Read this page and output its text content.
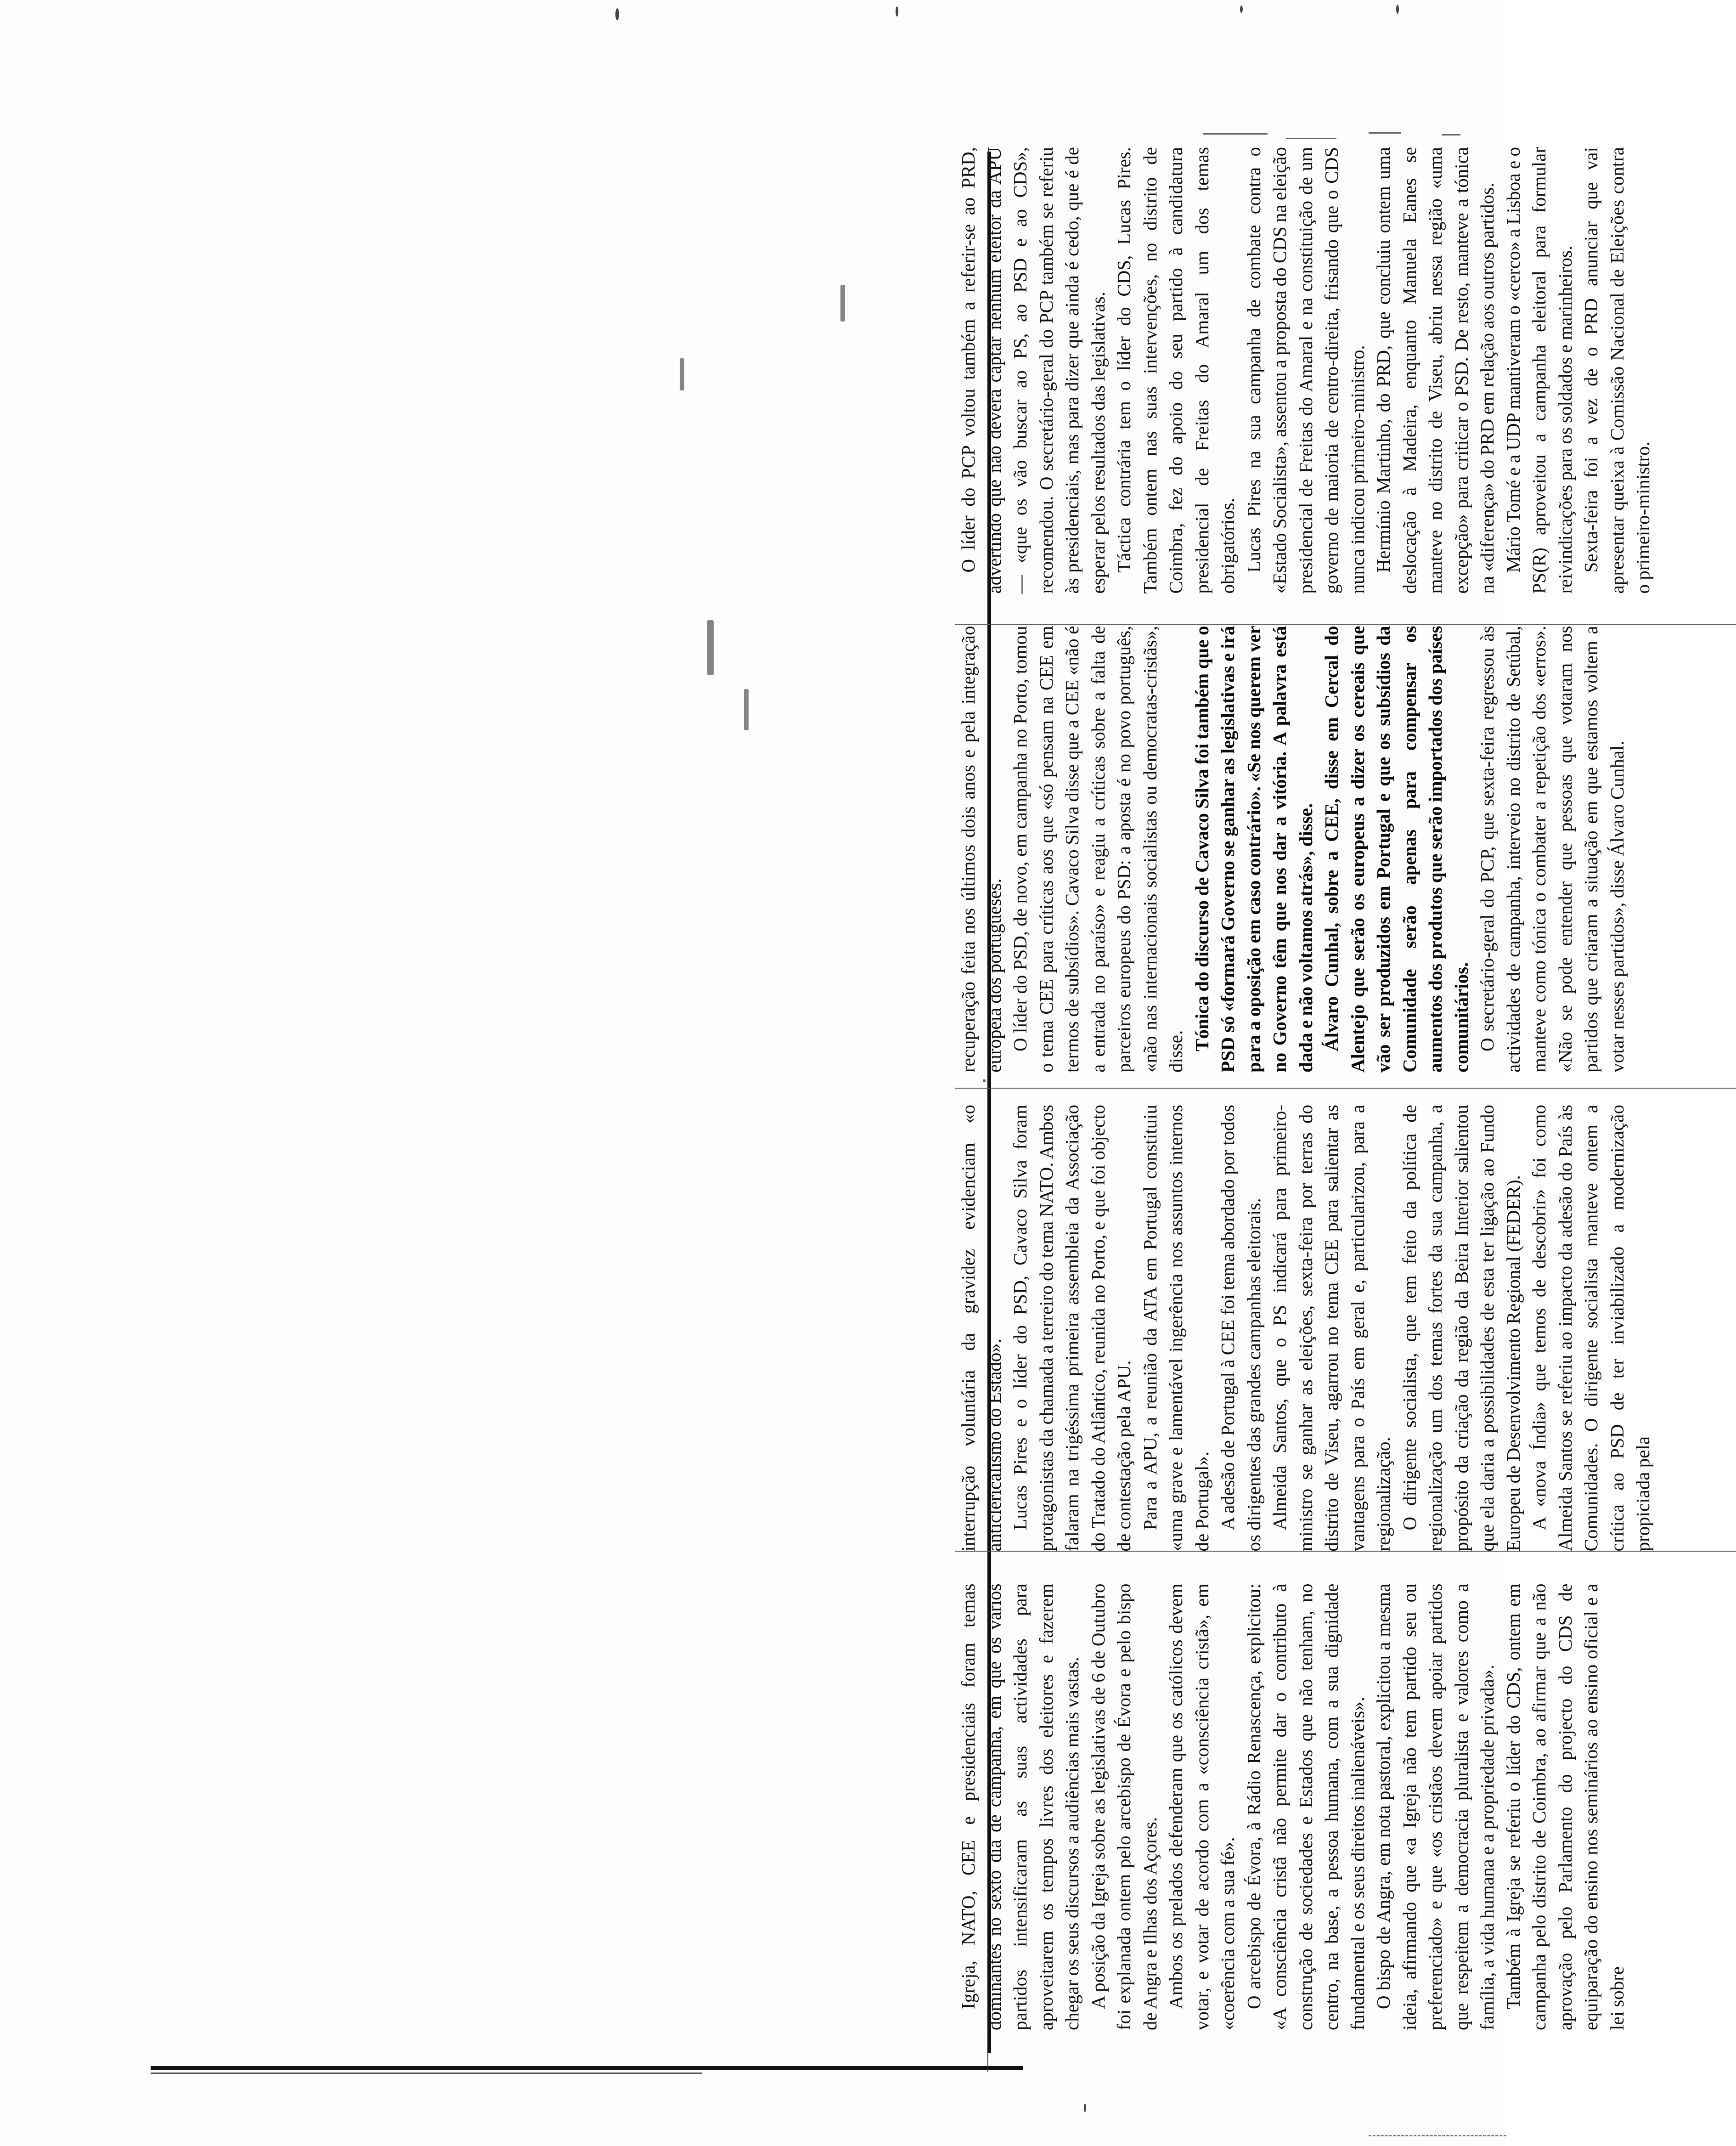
Igreja, NATO, CEE e presidenciais foram temas dominantes no sexto dia de campanha, em que os vários partidos intensificaram as suas actividades para aproveitarem os tempos livres dos eleitores e fazerem chegar os seus discursos a audiências mais vastas. A posição da Igreja sobre as legislativas de 6 de Outubro foi explanada ontem pelo arcebispo de Évora e pelo bispo de Angra e Ilhas dos Açores. Ambos os prelados defenderam que os católicos devem votar, e votar de acordo com a «consciência cristã», em «coerência com a sua fé». O arcebispo de Évora, à Rádio Renascença, explicitou: «A consciência cristã não permite dar o contributo à construção de sociedades e Estados que não tenham, no centro, na base, a pessoa humana, com a sua dignidade fundamental e os seus direitos inalienáveis». O bispo de Angra, em nota pastoral, explicitou a mesma ideia, afirmando que «a Igreja não tem partido seu ou preferenciado» e que «os cristãos devem apoiar partidos que respeitem a democracia pluralista e valores como a família, a vida humana e a propriedade privada». Também à Igreja se referiu o líder do CDS, ontem em campanha pelo distrito de Coimbra, ao afirmar que a não aprovação pelo Parlamento do projecto do CDS de equiparação do ensino nos seminários ao ensino oficial e a lei sobre

interrupção voluntária da gravidez evidenciam «o anticlericalismo do Estado». Lucas Pires e o líder do PSD, Cavaco Silva foram protagonistas da chamada a terreiro do tema NATO. Ambos falaram na trigéssima primeira assembleia da Associação do Tratado do Atlântico, reunida no Porto, e que foi objecto de contestação pela APU. Para a APU, a reunião da ATA em Portugal constituiu «uma grave e lamentável ingerência nos assuntos internos de Portugal». A adesão de Portugal à CEE foi tema abordado por todos os dirigentes das grandes campanhas eleitorais. Almeida Santos, que o PS indicará para primeiro-ministro se ganhar as eleições, sexta-feira por terras do distrito de Viseu, agarrou no tema CEE para salientar as vantagens para o País em geral e, particularizou, para a regionalização. O dirigente socialista, que tem feito da política de regionalização um dos temas fortes da sua campanha, a propósito da criação da região da Beira Interior salientou que ela daria a possibilidades de esta ter ligação ao Fundo Europeu de Desenvolvimento Regional (FEDER). A «nova Índia» que temos de descobrir» foi como Almeida Santos se referiu ao impacto da adesão do País às Comunidades. O dirigente socialista manteve ontem a crítica ao PSD de ter inviabilizado a modernização propiciada pela

recuperação feita nos últimos dois anos e pela integração europeia dos portugueses. O líder do PSD, de novo, em campanha no Porto, tomou o tema CEE para críticas aos que «só pensam na CEE em termos de subsídios». Cavaco Silva disse que a CEE «não é a entrada no paraíso» e reagiu a críticas sobre a falta de parceiros europeus do PSD: a aposta é no povo português, «não nas internacionais socialistas ou democratas-cristãs», disse. Tónica do discurso de Cavaco Silva foi também que o PSD só «formará Governo se ganhar as legislativas e irá para a oposição em caso contrário». «Se nos querem ver no Governo têm que nos dar a vitória. A palavra está dada e não voltamos atrás», disse. Álvaro Cunhal, sobre a CEE, disse em Cercal do Alentejo que serão os europeus a dizer os cereais que vão ser produzidos em Portugal e que os subsídios da Comunidade serão apenas para compensar os aumentos dos produtos que serão importados dos países comunitários. O secretário-geral do PCP, que sexta-feira regressou às actividades de campanha, interveio no distrito de Setúbal, manteve como tónica o combater a repetição dos «erros». «Não se pode entender que pessoas que votaram nos partidos que criaram a situação em que estamos voltem a votar nesses partidos», disse Álvaro Cunhal.

O líder do PCP voltou também a referir-se ao PRD, advertindo que não deverá captar nenhum eleitor da APU — «que os vão buscar ao PS, ao PSD e ao CDS», recomendou. O secretário-geral do PCP também se referiu às presidenciais, mas para dizer que ainda é cedo, que é de esperar pelos resultados das legislativas. Táctica contrária tem o líder do CDS, Lucas Pires. Também ontem nas suas intervenções, no distrito de Coimbra, fez do apoio do seu partido à candidatura presidencial de Freitas do Amaral um dos temas obrigatórios. Lucas Pires na sua campanha de combate contra o «Estado Socialista», assentou a proposta do CDS na eleição presidencial de Freitas do Amaral e na constituição de um governo de maioria de centro-direita, frisando que o CDS nunca indicou primeiro-ministro. Hermínio Martinho, do PRD, que concluiu ontem uma deslocação à Madeira, enquanto Manuela Eanes se manteve no distrito de Viseu, abriu nessa região «uma excepção» para criticar o PSD. De resto, manteve a tónica na «diferença» do PRD em relação aos outros partidos. Mário Tomé e a UDP mantiveram o «cerco» a Lisboa e o PS(R) aproveitou a campanha eleitoral para formular reivindicações para os soldados e marinheiros. Sexta-feira foi a vez de o PRD anunciar que vai apresentar queixa à Comissão Nacional de Eleições contra o primeiro-ministro.
